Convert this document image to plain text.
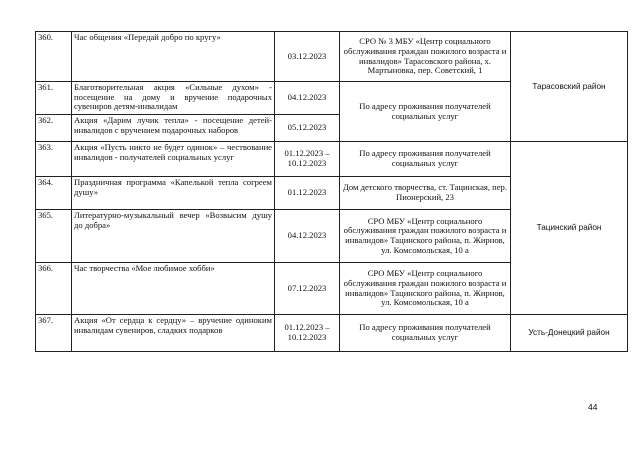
360.	Час общения «Передай добро по кругу»	03.12.2023	СРО № 3 МБУ «Центр социального обслуживания граждан пожилого возраста и инвалидов» Тарасовского района, х. Мартыновка, пер. Советский, 1	Тарасовский район
361.	Благотворительная акция «Сильные духом» - посещение на дому и вручение подарочных сувениров детям-инвалидам	04.12.2023	По адресу проживания получателей социальных услуг	
362.	Акция «Дарим лучик тепла» - посещение детей-инвалидов с вручением подарочных наборов	05.12.2023		
363.	Акция «Пусть никто не будет одинок» – чествование инвалидов - получателей социальных услуг	01.12.2023 – 10.12.2023	По адресу проживания получателей социальных услуг	Тацинский район
364.	Праздничная программа «Капелькой тепла согреем душу»	01.12.2023	Дом детского творчества, ст. Тацинская, пер. Пионерский, 23	
365.	Литературно-музыкальный вечер «Возвысим душу до добра»	04.12.2023	СРО МБУ «Центр социального обслуживания граждан пожилого возраста и инвалидов» Тацинского района, п. Жирнов, ул. Комсомольская, 10 а	
366.	Час творчества «Мое любимое хобби»	07.12.2023	СРО МБУ «Центр социального обслуживания граждан пожилого возраста и инвалидов» Тацинского района, п. Жирнов, ул. Комсомольская, 10 а	
367.	Акция «От сердца к сердцу» – вручение одиноким инвалидам сувениров, сладких подарков	01.12.2023 – 10.12.2023	По адресу проживания получателей социальных услуг	Усть-Донецкий район
44
